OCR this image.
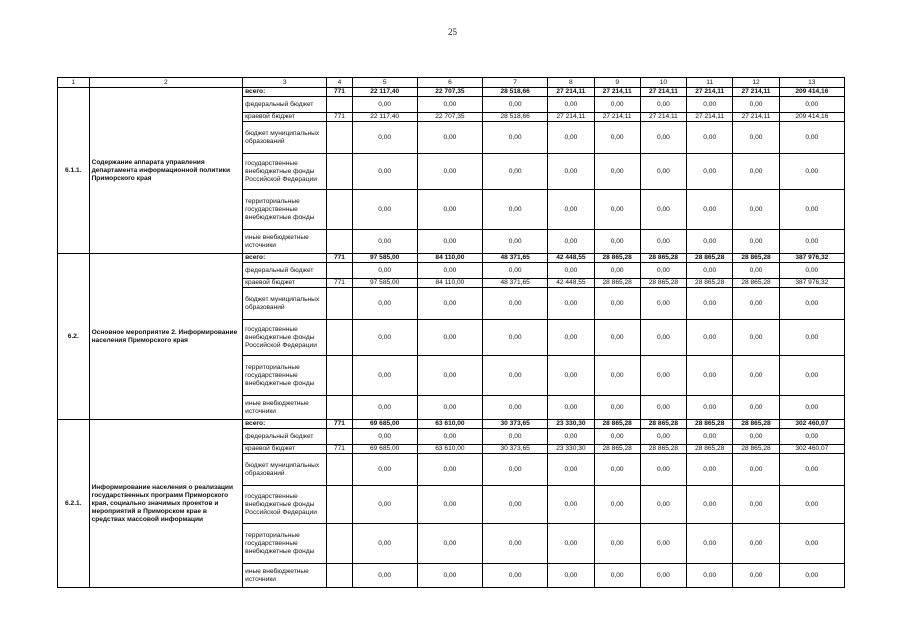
25
1	2	3	4	5	6	7	8	9	10	11	12	13
6.1.1.	Содержание аппарата управления департамента информационной политики Приморского края	всего:	771	22 117,40	22 707,35	28 518,66	27 214,11	27 214,11	27 214,11	27 214,11	27 214,11	209 414,16
		федеральный бюджет		0,00	0,00	0,00	0,00	0,00	0,00	0,00	0,00	0,00
		краевой бюджет	771	22 117,40	22 707,35	28 518,66	27 214,11	27 214,11	27 214,11	27 214,11	27 214,11	209 414,16
		бюджет муниципальных образований		0,00	0,00	0,00	0,00	0,00	0,00	0,00	0,00	0,00
		государственные внебюджетные фонды Российской Федерации		0,00	0,00	0,00	0,00	0,00	0,00	0,00	0,00	0,00
		территориальные государственные внебюджетные фонды		0,00	0,00	0,00	0,00	0,00	0,00	0,00	0,00	0,00
		иные внебюджетные источники		0,00	0,00	0,00	0,00	0,00	0,00	0,00	0,00	0,00
6.2.	Основное мероприятие 2. Информирование населения Приморского края	всего:	771	97 585,00	84 110,00	48 371,65	42 448,55	28 865,28	28 865,28	28 865,28	28 865,28	387 976,32
		федеральный бюджет		0,00	0,00	0,00	0,00	0,00	0,00	0,00	0,00	0,00
		краевой бюджет	771	97 585,00	84 110,00	48 371,65	42 448,55	28 865,28	28 865,28	28 865,28	28 865,28	387 976,32
		бюджет муниципальных образований		0,00	0,00	0,00	0,00	0,00	0,00	0,00	0,00	0,00
		государственные внебюджетные фонды Российской Федерации		0,00	0,00	0,00	0,00	0,00	0,00	0,00	0,00	0,00
		территориальные государственные внебюджетные фонды		0,00	0,00	0,00	0,00	0,00	0,00	0,00	0,00	0,00
		иные внебюджетные источники		0,00	0,00	0,00	0,00	0,00	0,00	0,00	0,00	0,00
6.2.1.	Информирование населения о реализации государственных программ Приморского края, социально значимых проектов и мероприятий в Приморском крае в средствах массовой информации	всего:	771	69 685,00	63 610,00	30 373,65	23 330,30	28 865,28	28 865,28	28 865,28	28 865,28	302 460,07
		федеральный бюджет		0,00	0,00	0,00	0,00	0,00	0,00	0,00	0,00	0,00
		краевой бюджет	771	69 685,00	63 610,00	30 373,65	23 330,30	28 865,28	28 865,28	28 865,28	28 865,28	302 460,07
		бюджет муниципальных образований		0,00	0,00	0,00	0,00	0,00	0,00	0,00	0,00	0,00
		государственные внебюджетные фонды Российской Федерации		0,00	0,00	0,00	0,00	0,00	0,00	0,00	0,00	0,00
		территориальные государственные внебюджетные фонды		0,00	0,00	0,00	0,00	0,00	0,00	0,00	0,00	0,00
		иные внебюджетные источники		0,00	0,00	0,00	0,00	0,00	0,00	0,00	0,00	0,00
